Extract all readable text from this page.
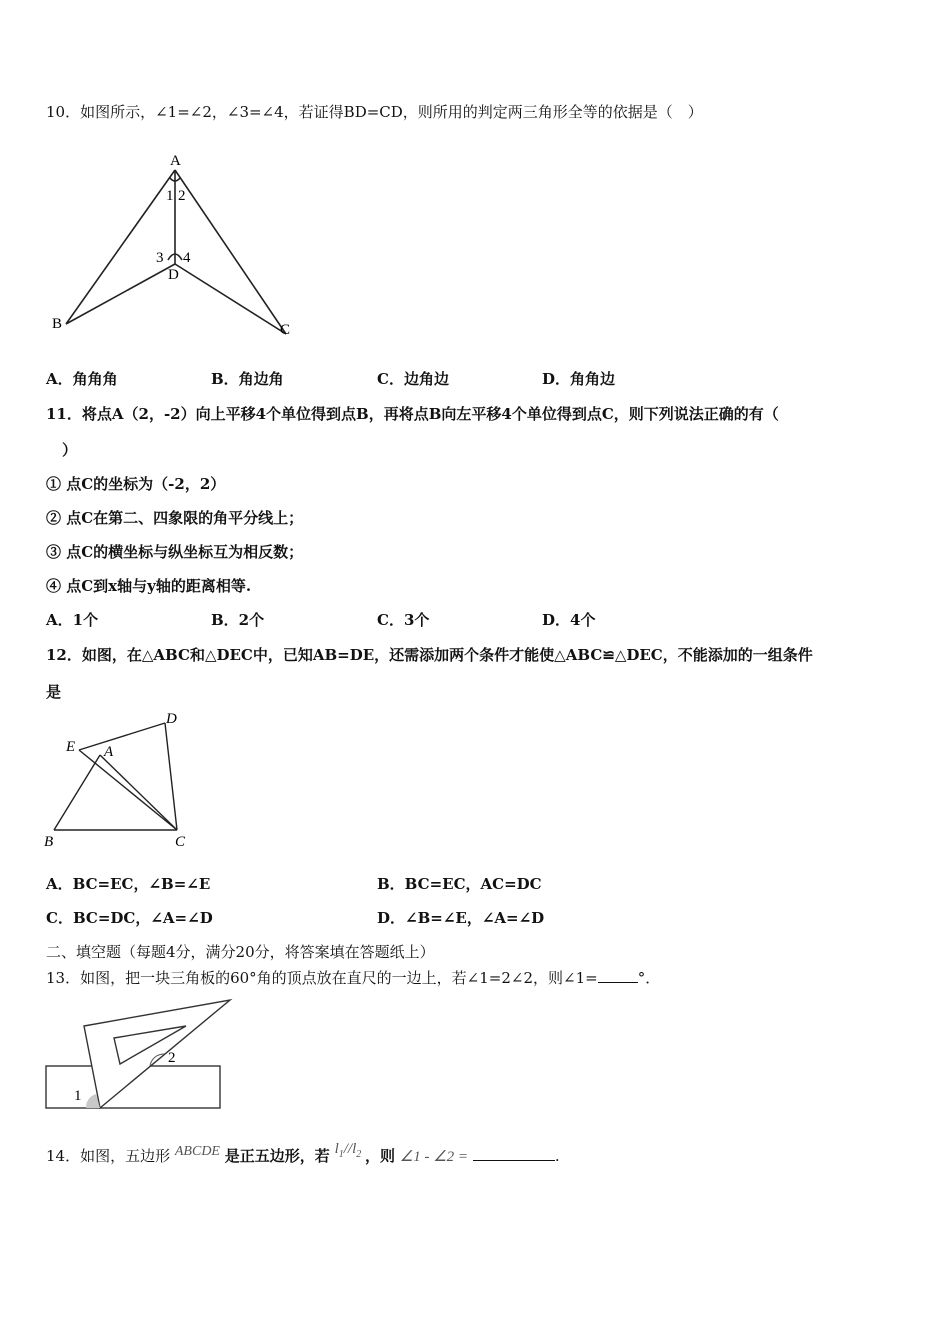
10．如图所示，∠1=∠2，∠3=∠4，若证得BD=CD，则所用的判定两三角形全等的依据是（　）
A
1 2
3 4
D
B	C
A．角角角	B．角边角	C．边角边	D．角角边
11．将点A（2，-2）向上平移4个单位得到点B，再将点B向左平移4个单位得到点C，则下列说法正确的有（
）
① 点C的坐标为（-2，2）
② 点C在第二、四象限的角平分线上；
③ 点C的横坐标与纵坐标互为相反数；
④ 点C到x轴与y轴的距离相等.
A．1个	B．2个	C．3个	D．4个
12．如图，在△ABC和△DEC中，已知AB=DE，还需添加两个条件才能使△ABC≌△DEC，不能添加的一组条件
是
D
E A
B	C
A．BC=EC，∠B=∠E	B．BC=EC，AC=DC
C．BC=DC，∠A=∠D	D．∠B=∠E，∠A=∠D
二、填空题（每题4分，满分20分，将答案填在答题纸上）
13．如图，把一块三角板的60°角的顶点放在直尺的一边上，若∠1=2∠2，则∠1=	°．
1
2
14．如图，五边形 ABCDE 是正五边形，若 $l_1//l_2$ ，则 ∠1 - ∠2 =	.
